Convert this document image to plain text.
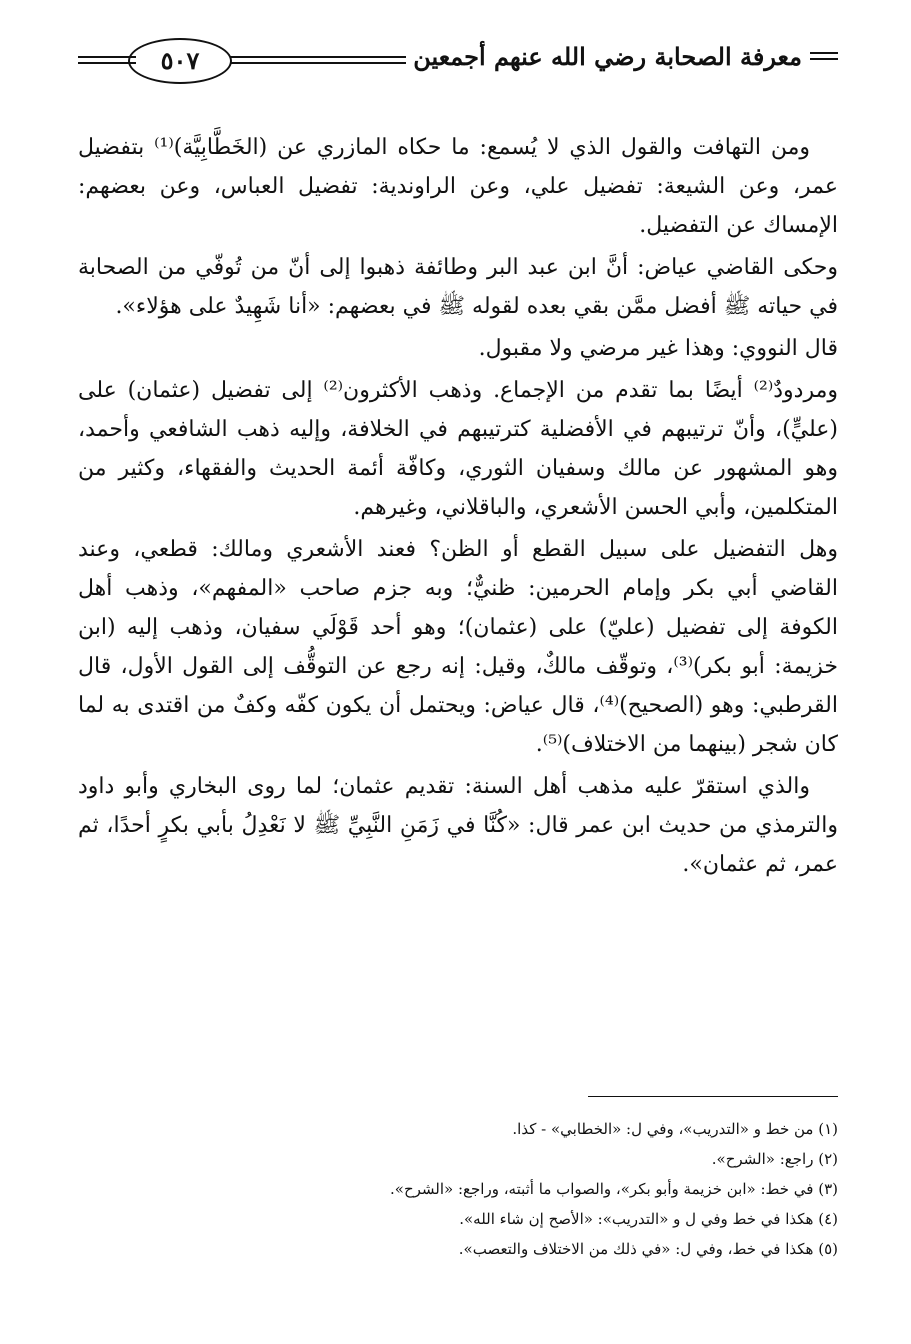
معرفة الصحابة رضي الله عنهم أجمعين
٥٠٧

ومن التهافت والقول الذي لا يُسمع: ما حكاه المازري عن (الخَطَّابِيَّة)⁽¹⁾ بتفضيل عمر، وعن الشيعة: تفضيل علي، وعن الراوندية: تفضيل العباس، وعن بعضهم: الإمساك عن التفضيل.

وحكى القاضي عياض: أنَّ ابن عبد البر وطائفة ذهبوا إلى أنّ من تُوفّي من الصحابة في حياته ﷺ أفضل ممَّن بقي بعده لقوله ﷺ في بعضهم: «أنا شَهِيدٌ على هؤلاء».

قال النووي: وهذا غير مرضي ولا مقبول.

ومردودٌ⁽²⁾ أيضًا بما تقدم من الإجماع. وذهب الأكثرون⁽²⁾ إلى تفضيل (عثمان) على (عليٍّ)، وأنّ ترتيبهم في الأفضلية كترتيبهم في الخلافة، وإليه ذهب الشافعي وأحمد، وهو المشهور عن مالك وسفيان الثوري، وكافّة أئمة الحديث والفقهاء، وكثير من المتكلمين، وأبي الحسن الأشعري، والباقلاني، وغيرهم.

وهل التفضيل على سبيل القطع أو الظن؟ فعند الأشعري ومالك: قطعي، وعند القاضي أبي بكر وإمام الحرمين: ظنيٌّ؛ وبه جزم صاحب «المفهم»، وذهب أهل الكوفة إلى تفضيل (عليّ) على (عثمان)؛ وهو أحد قَوْلَي سفيان، وذهب إليه (ابن خزيمة: أبو بكر)⁽³⁾، وتوقّف مالكٌ، وقيل: إنه رجع عن التوقُّف إلى القول الأول، قال القرطبي: وهو (الصحيح)⁽⁴⁾، قال عياض: ويحتمل أن يكون كفّه وكفٌ من اقتدى به لما كان شجر (بينهما من الاختلاف)⁽⁵⁾.

والذي استقرّ عليه مذهب أهل السنة: تقديم عثمان؛ لما روى البخاري وأبو داود والترمذي من حديث ابن عمر قال: «كُنَّا في زَمَنِ النَّبِيِّ ﷺ لا نَعْدِلُ بأبي بكرٍ أحدًا، ثم عمر، ثم عثمان».

(١) من خط و «التدريب»، وفي ل: «الخطابي» - كذا.
(٢) راجع: «الشرح».
(٣) في خط: «ابن خزيمة وأبو بكر»، والصواب ما أثبته، وراجع: «الشرح».
(٤) هكذا في خط وفي ل و «التدريب»: «الأصح إن شاء الله».
(٥) هكذا في خط، وفي ل: «في ذلك من الاختلاف والتعصب».
